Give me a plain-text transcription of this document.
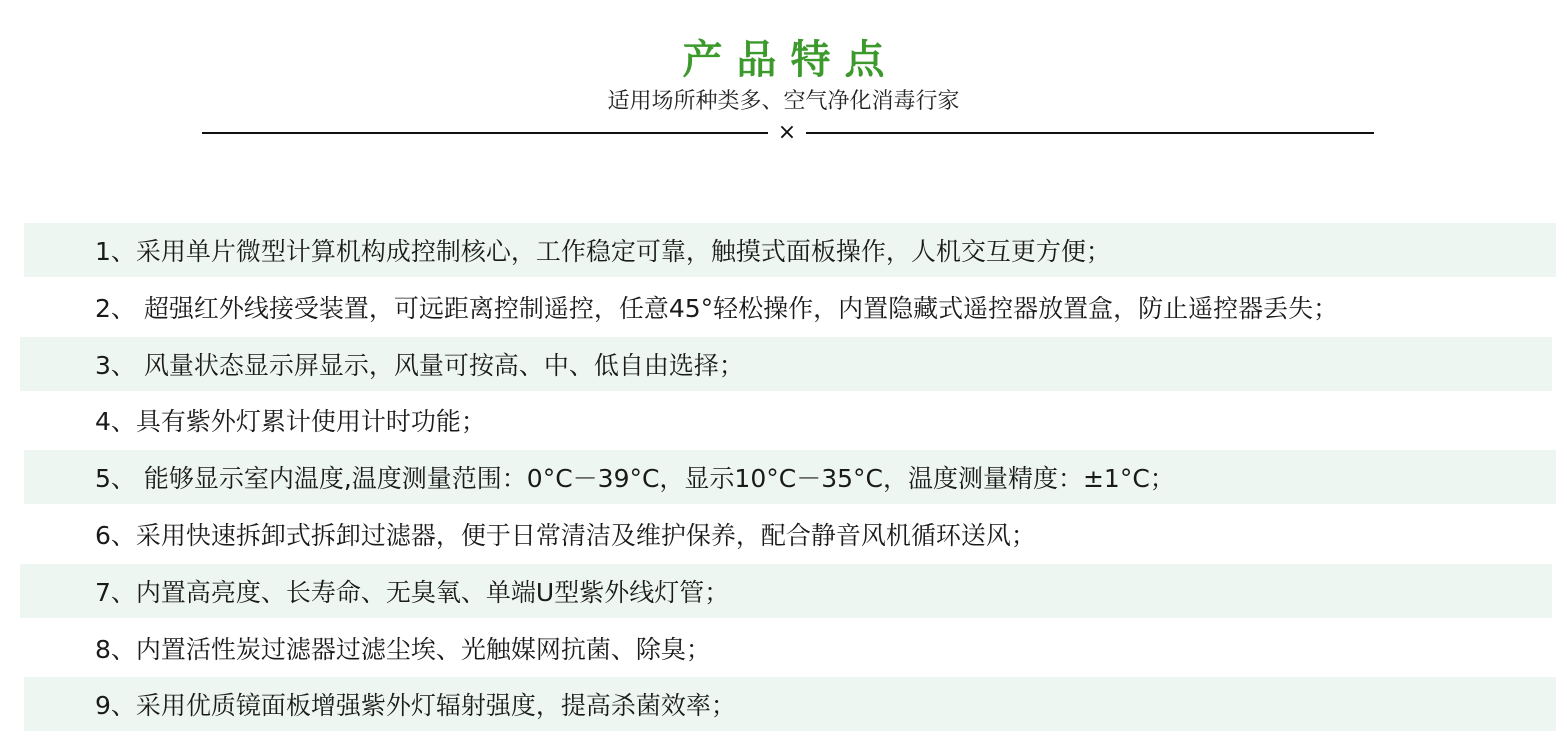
产品特点
适用场所种类多、空气净化消毒行家
×
1、采用单片微型计算机构成控制核心，工作稳定可靠，触摸式面板操作，人机交互更方便；
2、 超强红外线接受装置，可远距离控制遥控，任意45°轻松操作，内置隐藏式遥控器放置盒，防止遥控器丢失；
3、 风量状态显示屏显示，风量可按高、中、低自由选择；
4、具有紫外灯累计使用计时功能；
5、 能够显示室内温度,温度测量范围：0°C－39°C，显示10°C－35°C，温度测量精度：±1°C；
6、采用快速拆卸式拆卸过滤器，便于日常清洁及维护保养，配合静音风机循环送风；
7、内置高亮度、长寿命、无臭氧、单端U型紫外线灯管；
8、内置活性炭过滤器过滤尘埃、光触媒网抗菌、除臭；
9、采用优质镜面板增强紫外灯辐射强度，提高杀菌效率；
